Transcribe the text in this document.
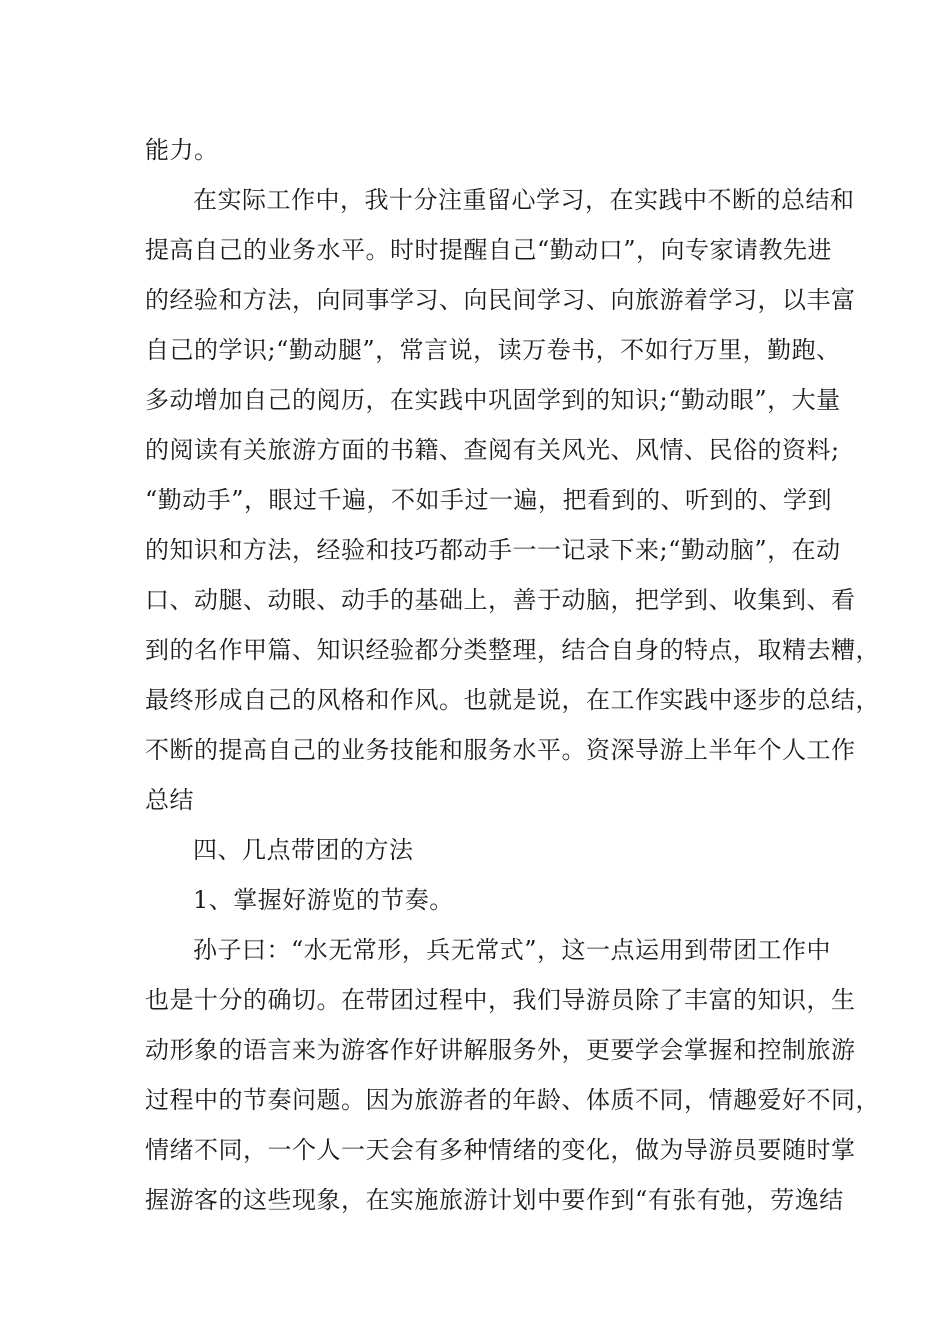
能力。
在实际工作中，我十分注重留心学习，在实践中不断的总结和
提高自己的业务水平。时时提醒自己“勤动口”，向专家请教先进
的经验和方法，向同事学习、向民间学习、向旅游着学习，以丰富
自己的学识;“勤动腿”，常言说，读万卷书，不如行万里，勤跑、
多动增加自己的阅历，在实践中巩固学到的知识;“勤动眼”，大量
的阅读有关旅游方面的书籍、查阅有关风光、风情、民俗的资料;
“勤动手”，眼过千遍，不如手过一遍，把看到的、听到的、学到
的知识和方法，经验和技巧都动手一一记录下来;“勤动脑”，在动
口、动腿、动眼、动手的基础上，善于动脑，把学到、收集到、看
到的名作甲篇、知识经验都分类整理，结合自身的特点，取精去糟，
最终形成自己的风格和作风。也就是说，在工作实践中逐步的总结，
不断的提高自己的业务技能和服务水平。资深导游上半年个人工作
总结
四、几点带团的方法
1、掌握好游览的节奏。
孙子曰：“水无常形，兵无常式”，这一点运用到带团工作中
也是十分的确切。在带团过程中，我们导游员除了丰富的知识，生
动形象的语言来为游客作好讲解服务外，更要学会掌握和控制旅游
过程中的节奏问题。因为旅游者的年龄、体质不同，情趣爱好不同，
情绪不同，一个人一天会有多种情绪的变化，做为导游员要随时掌
握游客的这些现象，在实施旅游计划中要作到“有张有弛，劳逸结
